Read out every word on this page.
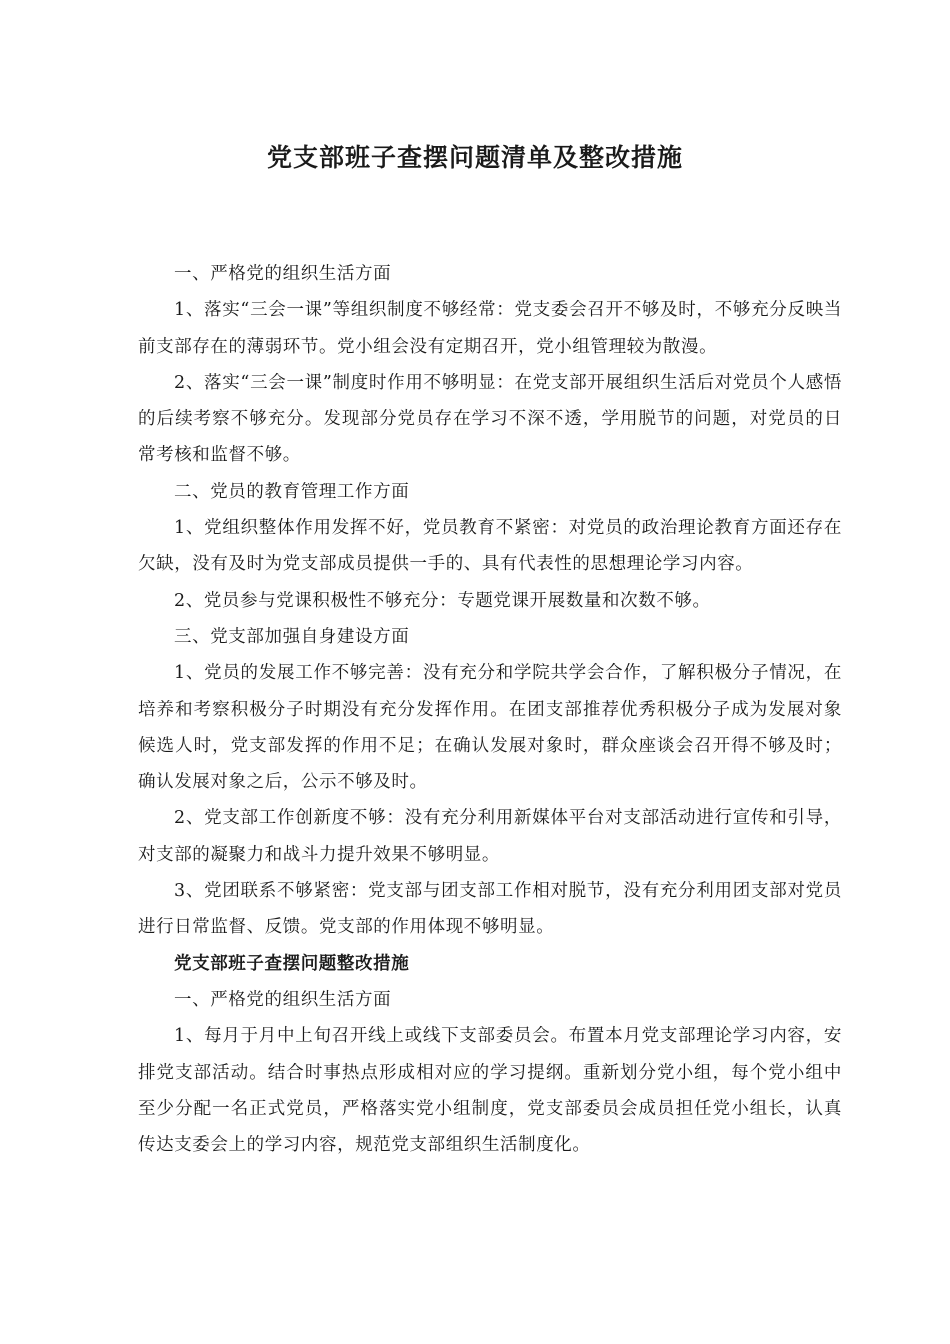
党支部班子查摆问题清单及整改措施

一、严格党的组织生活方面

1、落实“三会一课”等组织制度不够经常：党支委会召开不够及时，不够充分反映当前支部存在的薄弱环节。党小组会没有定期召开，党小组管理较为散漫。

2、落实“三会一课”制度时作用不够明显：在党支部开展组织生活后对党员个人感悟的后续考察不够充分。发现部分党员存在学习不深不透，学用脱节的问题，对党员的日常考核和监督不够。

二、党员的教育管理工作方面

1、党组织整体作用发挥不好，党员教育不紧密：对党员的政治理论教育方面还存在欠缺，没有及时为党支部成员提供一手的、具有代表性的思想理论学习内容。

2、党员参与党课积极性不够充分：专题党课开展数量和次数不够。

三、党支部加强自身建设方面

1、党员的发展工作不够完善：没有充分和学院共学会合作，了解积极分子情况，在培养和考察积极分子时期没有充分发挥作用。在团支部推荐优秀积极分子成为发展对象候选人时，党支部发挥的作用不足；在确认发展对象时，群众座谈会召开得不够及时；确认发展对象之后，公示不够及时。

2、党支部工作创新度不够：没有充分利用新媒体平台对支部活动进行宣传和引导，对支部的凝聚力和战斗力提升效果不够明显。

3、党团联系不够紧密：党支部与团支部工作相对脱节，没有充分利用团支部对党员进行日常监督、反馈。党支部的作用体现不够明显。

党支部班子查摆问题整改措施

一、严格党的组织生活方面

1、每月于月中上旬召开线上或线下支部委员会。布置本月党支部理论学习内容，安排党支部活动。结合时事热点形成相对应的学习提纲。重新划分党小组，每个党小组中至少分配一名正式党员，严格落实党小组制度，党支部委员会成员担任党小组长，认真传达支委会上的学习内容，规范党支部组织生活制度化。
